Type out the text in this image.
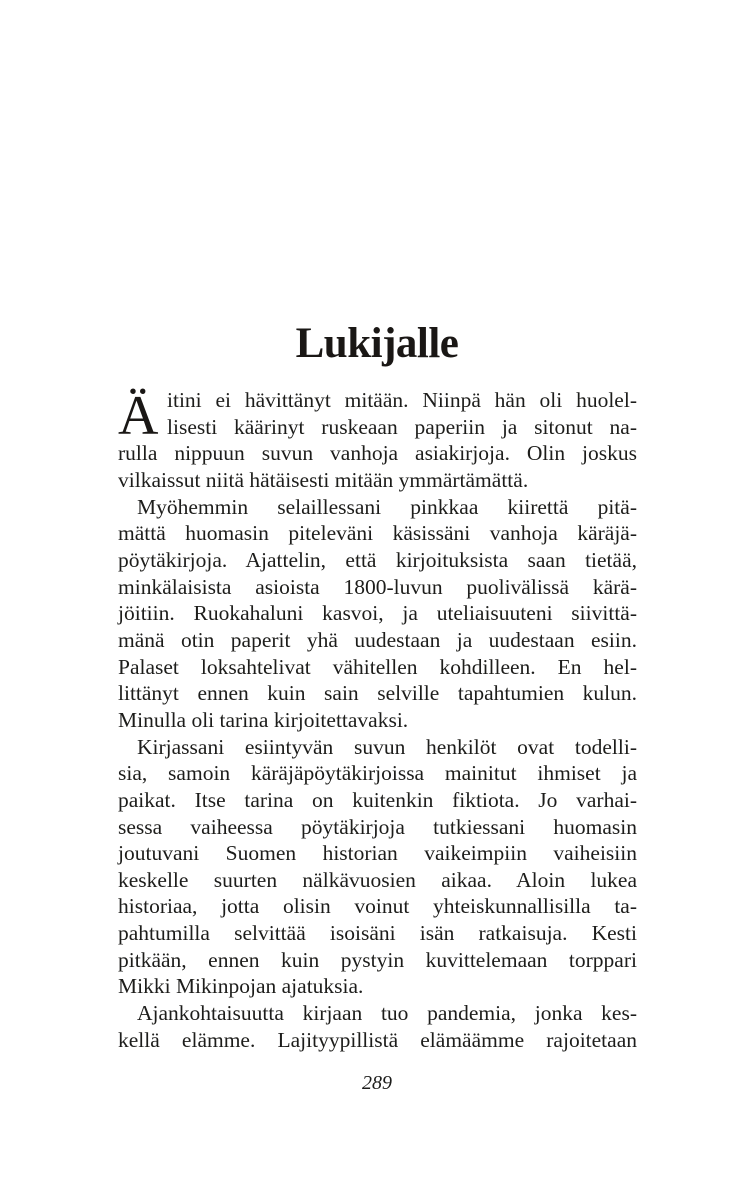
Lukijalle
Ä itini ei hävittänyt mitään. Niinpä hän oli huolel-
lisesti käärinyt ruskeaan paperiin ja sitonut na-
rulla nippuun suvun vanhoja asiakirjoja. Olin joskus
vilkaissut niitä hätäisesti mitään ymmärtämättä.
Myöhemmin selaillessani pinkkaa kiirettä pitä-
mättä huomasin piteleväni käsissäni vanhoja käräjä-
pöytäkirjoja. Ajattelin, että kirjoituksista saan tietää,
minkälaisista asioista 1800-luvun puolivälissä kärä-
jöitiin. Ruokahaluni kasvoi, ja uteliaisuuteni siivittä-
mänä otin paperit yhä uudestaan ja uudestaan esiin.
Palaset loksahtelivat vähitellen kohdilleen. En hel-
littänyt ennen kuin sain selville tapahtumien kulun.
Minulla oli tarina kirjoitettavaksi.
Kirjassani esiintyvän suvun henkilöt ovat todelli-
sia, samoin käräjäpöytäkirjoissa mainitut ihmiset ja
paikat. Itse tarina on kuitenkin fiktiota. Jo varhai-
sessa vaiheessa pöytäkirjoja tutkiessani huomasin
joutuvani Suomen historian vaikeimpiin vaiheisiin
keskelle suurten nälkävuosien aikaa. Aloin lukea
historiaa, jotta olisin voinut yhteiskunnallisilla ta-
pahtumilla selvittää isoisäni isän ratkaisuja. Kesti
pitkään, ennen kuin pystyin kuvittelemaan torppari
Mikki Mikinpojan ajatuksia.
Ajankohtaisuutta kirjaan tuo pandemia, jonka kes-
kellä elämme. Lajityypillistä elämäämme rajoitetaan
289
